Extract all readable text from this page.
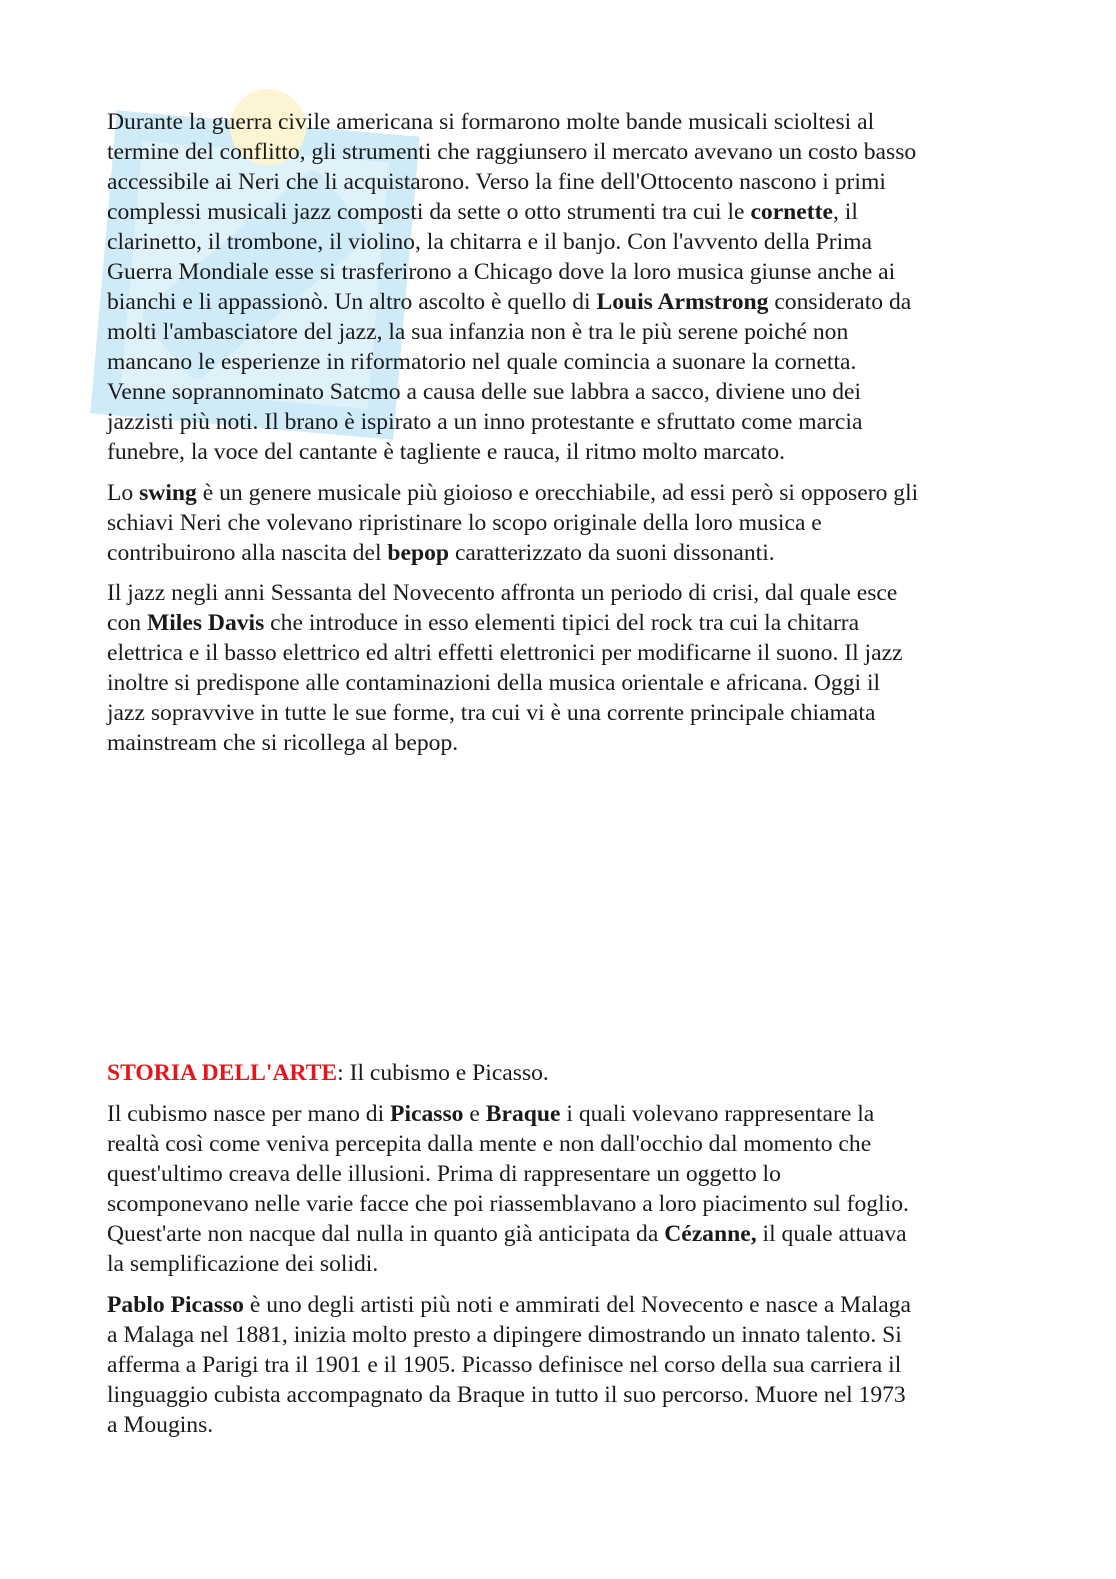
Durante la guerra civile americana si formarono molte bande musicali scioltesi al
termine del conflitto, gli strumenti che raggiunsero il mercato avevano un costo basso
accessibile ai Neri che li acquistarono. Verso la fine dell'Ottocento nascono i primi
complessi musicali jazz composti da sette o otto strumenti tra cui le cornette, il
clarinetto, il trombone, il violino, la chitarra e il banjo. Con l'avvento della Prima
Guerra Mondiale esse si trasferirono a Chicago dove la loro musica giunse anche ai
bianchi e li appassionò. Un altro ascolto è quello di Louis Armstrong considerato da
molti l'ambasciatore del jazz, la sua infanzia non è tra le più serene poiché non
mancano le esperienze in riformatorio nel quale comincia a suonare la cornetta.
Venne soprannominato Satcmo a causa delle sue labbra a sacco, diviene uno dei
jazzisti più noti. Il brano è ispirato a un inno protestante e sfruttato come marcia
funebre, la voce del cantante è tagliente e rauca, il ritmo molto marcato.
Lo swing è un genere musicale più gioioso e orecchiabile, ad essi però si opposero gli
schiavi Neri che volevano ripristinare lo scopo originale della loro musica e
contribuirono alla nascita del bepop caratterizzato da suoni dissonanti.
Il jazz negli anni Sessanta del Novecento affronta un periodo di crisi, dal quale esce
con Miles Davis che introduce in esso elementi tipici del rock tra cui la chitarra
elettrica e il basso elettrico ed altri effetti elettronici per modificarne il suono. Il jazz
inoltre si predispone alle contaminazioni della musica orientale e africana. Oggi il
jazz sopravvive in tutte le sue forme, tra cui vi è una corrente principale chiamata
mainstream che si ricollega al bepop.
STORIA DELL'ARTE: Il cubismo e Picasso.
Il cubismo nasce per mano di Picasso e Braque i quali volevano rappresentare la
realtà così come veniva percepita dalla mente e non dall'occhio dal momento che
quest'ultimo creava delle illusioni. Prima di rappresentare un oggetto lo
scomponevano nelle varie facce che poi riassemblavano a loro piacimento sul foglio.
Quest'arte non nacque dal nulla in quanto già anticipata da Cézanne, il quale attuava
la semplificazione dei solidi.
Pablo Picasso è uno degli artisti più noti e ammirati del Novecento e nasce a Malaga
a Malaga nel 1881, inizia molto presto a dipingere dimostrando un innato talento. Si
afferma a Parigi tra il 1901 e il 1905. Picasso definisce nel corso della sua carriera il
linguaggio cubista accompagnato da Braque in tutto il suo percorso. Muore nel 1973
a Mougins.
